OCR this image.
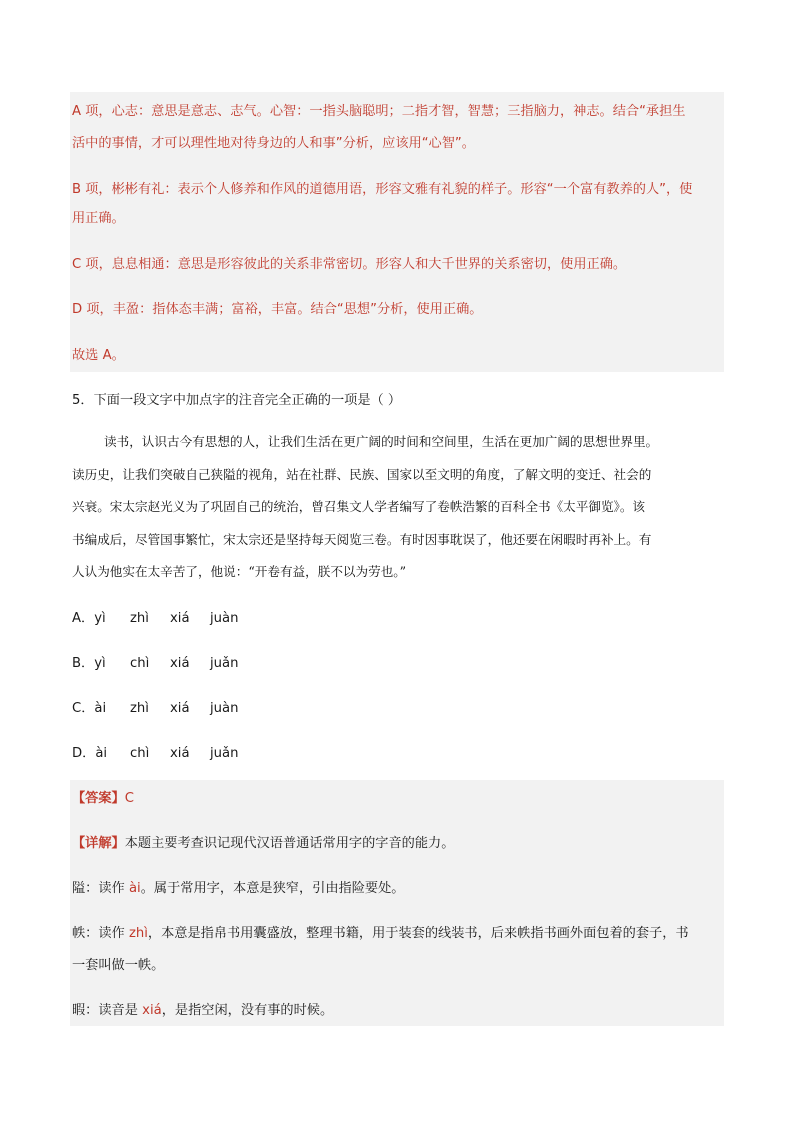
A 项，心志：意思是意志、志气。心智：一指头脑聪明；二指才智，智慧；三指脑力，神志。结合“承担生
活中的事情，才可以理性地对待身边的人和事”分析，应该用“心智”。
B 项，彬彬有礼：表示个人修养和作风的道德用语，形容文雅有礼貌的样子。形容“一个富有教养的人”，使
用正确。
C 项，息息相通：意思是形容彼此的关系非常密切。形容人和大千世界的关系密切，使用正确。
D 项，丰盈：指体态丰满；富裕，丰富。结合“思想”分析，使用正确。
故选 A。
5．下面一段文字中加点字的注音完全正确的一项是（ ）
读书，认识古今有思想的人，让我们生活在更广阔的时间和空间里，生活在更加广阔的思想世界里。
读历史，让我们突破自己狭隘的视角，站在社群、民族、国家以至文明的角度，了解文明的变迁、社会的
兴衰。宋太宗赵光义为了巩固自己的统治，曾召集文人学者编写了卷帙浩繁的百科全书《太平御览》。该
书编成后，尽管国事繁忙，宋太宗还是坚持每天阅览三卷。有时因事耽误了，他还要在闲暇时再补上。有
人认为他实在太辛苦了，他说：“开卷有益，朕不以为劳也。”
A．yì zhì xiá juàn
B．yì chì xiá juǎn
C．ài zhì xiá juàn
D．ài chì xiá juǎn
【答案】C
【详解】本题主要考查识记现代汉语普通话常用字的字音的能力。
隘：读作 ài。属于常用字，本意是狭窄，引由指险要处。
帙：读作 zhì，本意是指帛书用囊盛放，整理书籍，用于装套的线装书，后来帙指书画外面包着的套子，书
一套叫做一帙。
暇：读音是 xiá，是指空闲，没有事的时候。
